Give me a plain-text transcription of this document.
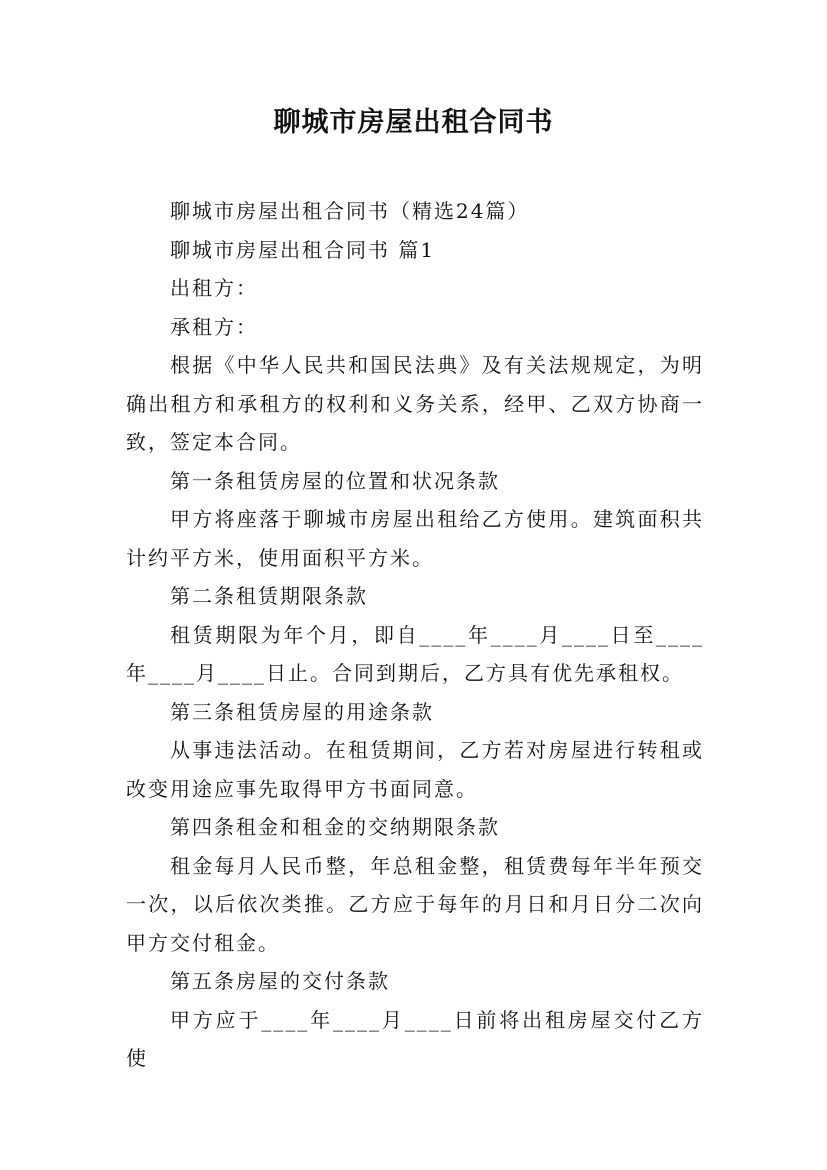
聊城市房屋出租合同书

聊城市房屋出租合同书（精选24篇）

聊城市房屋出租合同书 篇1

出租方：

承租方：

根据《中华人民共和国民法典》及有关法规规定，为明确出租方和承租方的权利和义务关系，经甲、乙双方协商一致，签定本合同。

第一条租赁房屋的位置和状况条款

甲方将座落于聊城市房屋出租给乙方使用。建筑面积共计约平方米，使用面积平方米。

第二条租赁期限条款

租赁期限为年个月，即自____年____月____日至____年____月____日止。合同到期后，乙方具有优先承租权。

第三条租赁房屋的用途条款

从事违法活动。在租赁期间，乙方若对房屋进行转租或改变用途应事先取得甲方书面同意。

第四条租金和租金的交纳期限条款

租金每月人民币整，年总租金整，租赁费每年半年预交一次，以后依次类推。乙方应于每年的月日和月日分二次向甲方交付租金。

第五条房屋的交付条款

甲方应于____年____月____日前将出租房屋交付乙方使
